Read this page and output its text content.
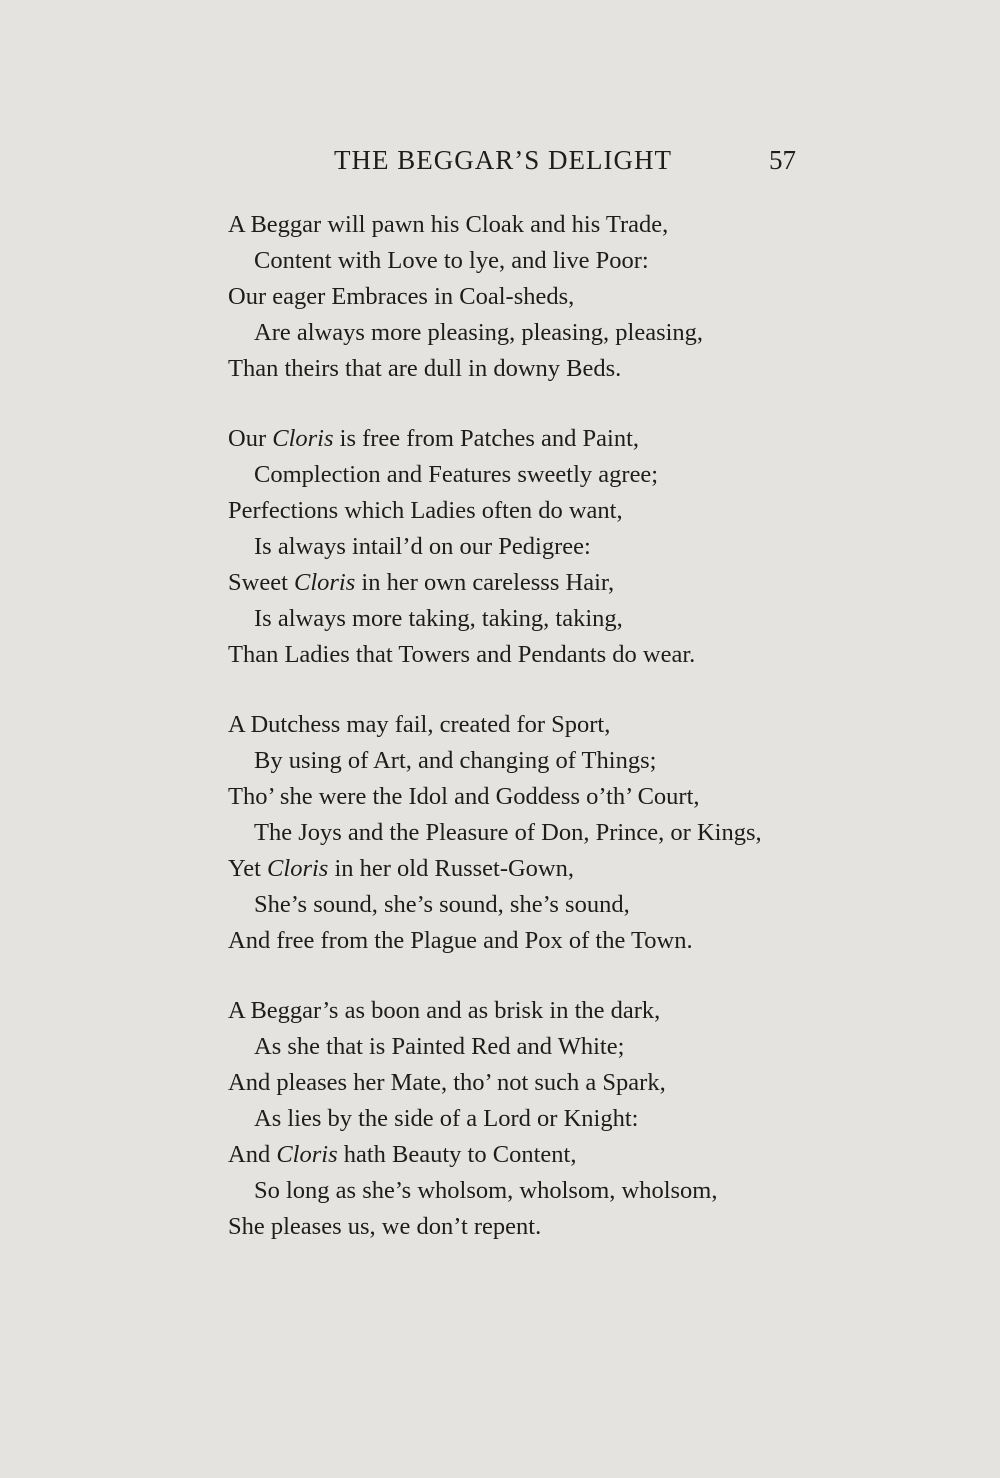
THE BEGGAR’S DELIGHT	57
A Beggar will pawn his Cloak and his Trade,
Content with Love to lye, and live Poor:
Our eager Embraces in Coal-sheds,
Are always more pleasing, pleasing, pleasing,
Than theirs that are dull in downy Beds.
Our Cloris is free from Patches and Paint,
Complection and Features sweetly agree;
Perfections which Ladies often do want,
Is always intail’d on our Pedigree:
Sweet Cloris in her own carelesss Hair,
Is always more taking, taking, taking,
Than Ladies that Towers and Pendants do wear.
A Dutchess may fail, created for Sport,
By using of Art, and changing of Things;
Tho’ she were the Idol and Goddess o’th’ Court,
The Joys and the Pleasure of Don, Prince, or Kings,
Yet Cloris in her old Russet-Gown,
She’s sound, she’s sound, she’s sound,
And free from the Plague and Pox of the Town.
A Beggar’s as boon and as brisk in the dark,
As she that is Painted Red and White;
And pleases her Mate, tho’ not such a Spark,
As lies by the side of a Lord or Knight:
And Cloris hath Beauty to Content,
So long as she’s wholsom, wholsom, wholsom,
She pleases us, we don’t repent.
